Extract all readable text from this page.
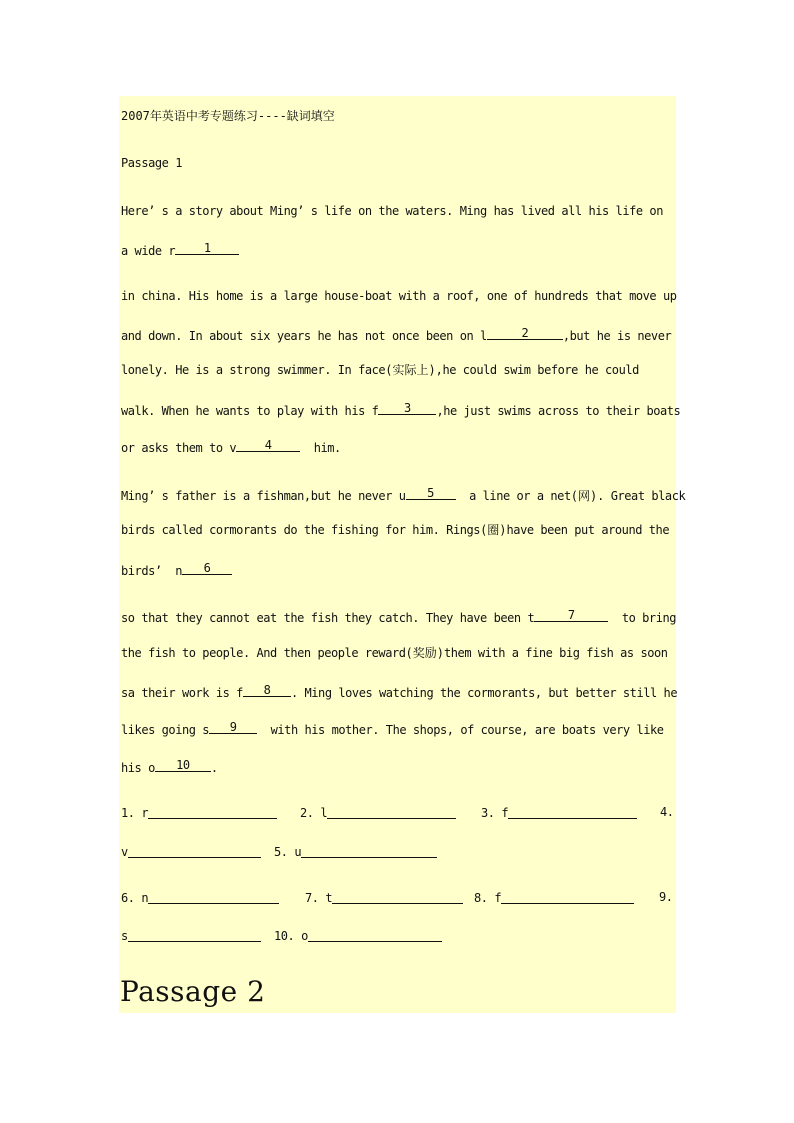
2007年英语中考专题练习----缺词填空
Passage 1
Here’ s a story about Ming’ s life on the waters. Ming has lived all his life on
a wide r	1
in china. His home is a large house-boat with a roof, one of hundreds that move up
and down. In about six years he has not once been on l	2	,but he is never
lonely. He is a strong swimmer. In face(实际上),he could swim before he could
walk. When he wants to play with his f	3	,he just swims across to their boats
or asks them to v	4	him.
Ming’ s father is a fishman,but he never u	5	a line or a net(网). Great black
birds called cormorants do the fishing for him. Rings(圈)have been put around the
birds’  n	6
so that they cannot eat the fish they catch. They have been t	7	to bring
the fish to people. And then people reward(奖励)them with a fine big fish as soon
sa their work is f	8	. Ming loves watching the cormorants, but better still he
likes going s	9	with his mother. The shops, of course, are boats very like
his o	10	.
1. r	2. l	3. f	4.
v	5. u
6. n	7. t	8. f	9.
s	10. o
Passage 2
